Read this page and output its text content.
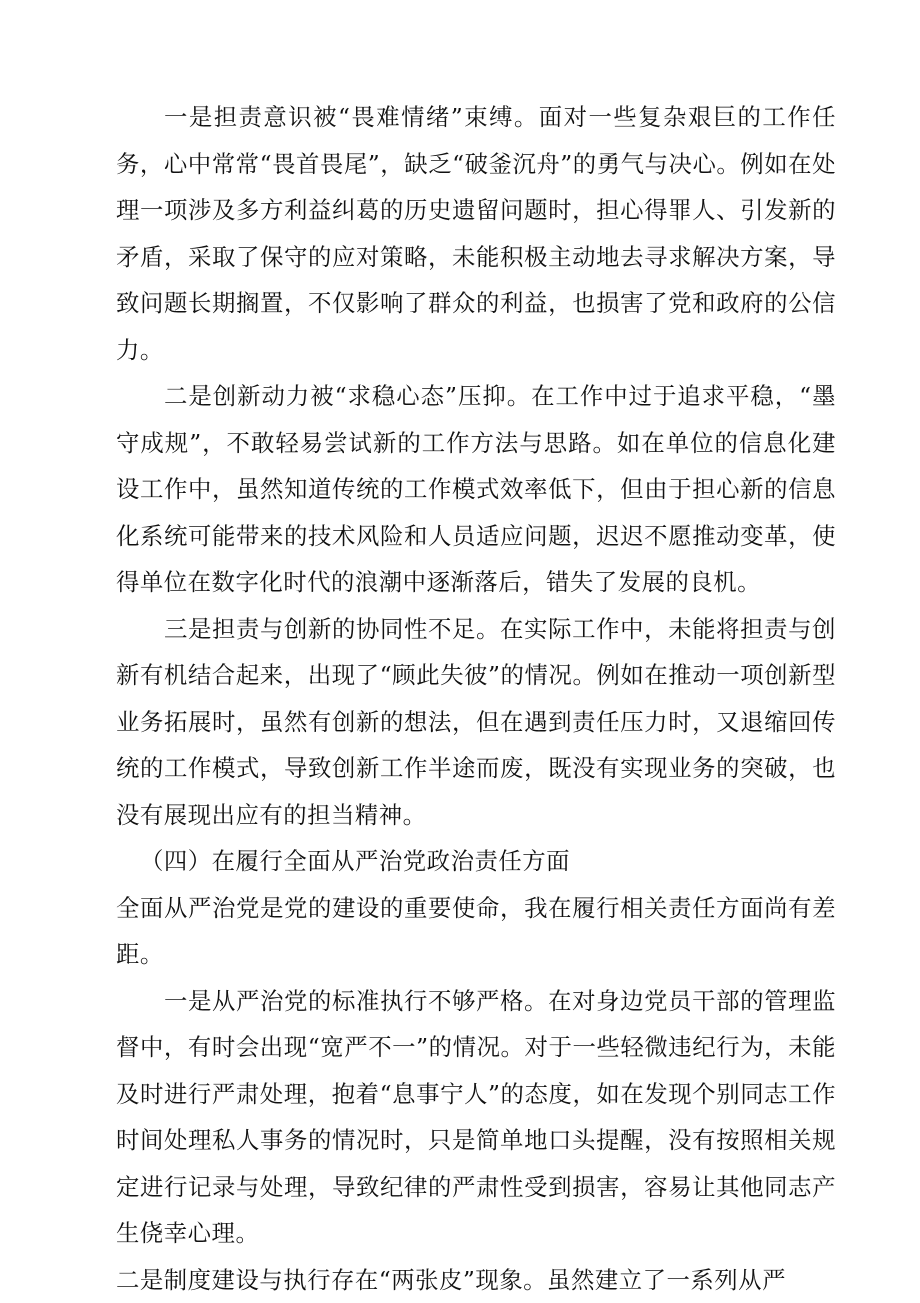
一是担责意识被“畏难情绪”束缚。面对一些复杂艰巨的工作任务，心中常常“畏首畏尾”，缺乏“破釜沉舟”的勇气与决心。例如在处理一项涉及多方利益纠葛的历史遗留问题时，担心得罪人、引发新的矛盾，采取了保守的应对策略，未能积极主动地去寻求解决方案，导致问题长期搁置，不仅影响了群众的利益，也损害了党和政府的公信力。

二是创新动力被“求稳心态”压抑。在工作中过于追求平稳，“墨守成规”，不敢轻易尝试新的工作方法与思路。如在单位的信息化建设工作中，虽然知道传统的工作模式效率低下，但由于担心新的信息化系统可能带来的技术风险和人员适应问题，迟迟不愿推动变革，使得单位在数字化时代的浪潮中逐渐落后，错失了发展的良机。

三是担责与创新的协同性不足。在实际工作中，未能将担责与创新有机结合起来，出现了“顾此失彼”的情况。例如在推动一项创新型业务拓展时，虽然有创新的想法，但在遇到责任压力时，又退缩回传统的工作模式，导致创新工作半途而废，既没有实现业务的突破，也没有展现出应有的担当精神。

（四）在履行全面从严治党政治责任方面

全面从严治党是党的建设的重要使命，我在履行相关责任方面尚有差距。

一是从严治党的标准执行不够严格。在对身边党员干部的管理监督中，有时会出现“宽严不一”的情况。对于一些轻微违纪行为，未能及时进行严肃处理，抱着“息事宁人”的态度，如在发现个别同志工作时间处理私人事务的情况时，只是简单地口头提醒，没有按照相关规定进行记录与处理，导致纪律的严肃性受到损害，容易让其他同志产生侥幸心理。

二是制度建设与执行存在“两张皮”现象。虽然建立了一系列从严
